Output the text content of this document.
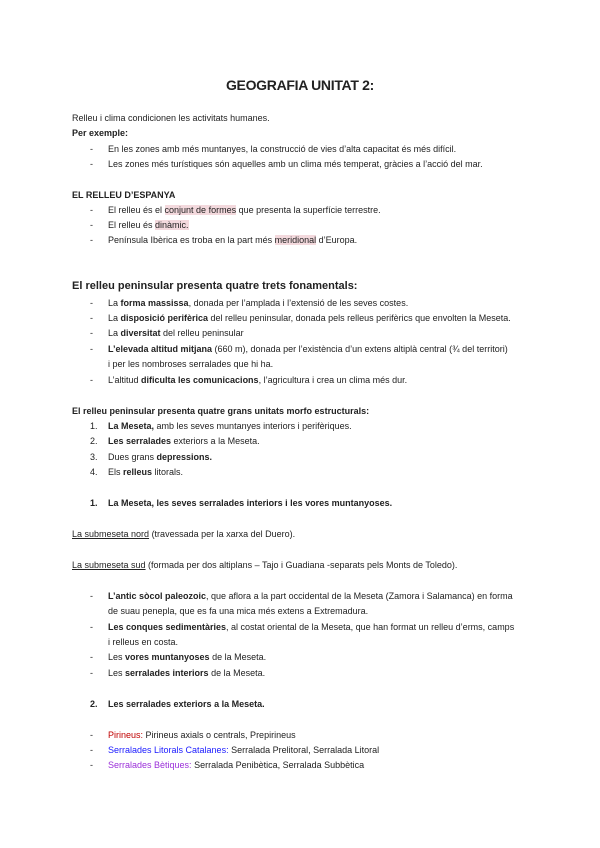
GEOGRAFIA UNITAT 2:
Relleu i clima condicionen les activitats humanes.
Per exemple:
-	En les zones amb més muntanyes, la construcció de vies d’alta capacitat és més difícil.
-	Les zones més turístiques són aquelles amb un clima més temperat, gràcies a l’acció del mar.
EL RELLEU D’ESPANYA
-	El relleu és el conjunt de formes que presenta la superfície terrestre.
-	El relleu és dinàmic.
-	Península Ibèrica es troba en la part més meridional d’Europa.
El relleu peninsular presenta quatre trets fonamentals:
-	La forma massissa, donada per l’amplada i l’extensió de les seves costes.
-	La disposició perifèrica del relleu peninsular, donada pels relleus perifèrics que envolten la Meseta.
-	La diversitat del relleu peninsular
-	L’elevada altitud mitjana (660 m), donada per l’existència d’un extens altiplà central (¾ del territori)
i per les nombroses serralades que hi ha.
-	L’altitud dificulta les comunicacions, l’agricultura i crea un clima més dur.
El relleu peninsular presenta quatre grans unitats morfo estructurals:
1.	La Meseta, amb les seves muntanyes interiors i perifèriques.
2.	Les serralades exteriors a la Meseta.
3.	Dues grans depressions.
4.	Els relleus litorals.
1.	La Meseta, les seves serralades interiors i les vores muntanyoses.
La submeseta nord (travessada per la xarxa del Duero).
La submeseta sud (formada per dos altiplans – Tajo i Guadiana -separats pels Monts de Toledo).
-	L’antic sòcol paleozoic, que aflora a la part occidental de la Meseta (Zamora i Salamanca) en forma
de suau penepla, que es fa una mica més extens a Extremadura.
-	Les conques sedimentàries, al costat oriental de la Meseta, que han format un relleu d’erms, camps
i relleus en costa.
-	Les vores muntanyoses de la Meseta.
-	Les serralades interiors de la Meseta.
2.	Les serralades exteriors a la Meseta.
-	Pirineus: Pirineus axials o centrals, Prepirineus
-	Serralades Litorals Catalanes: Serralada Prelitoral, Serralada Litoral
-	Serralades Bètiques: Serralada Penibètica, Serralada Subbètica
